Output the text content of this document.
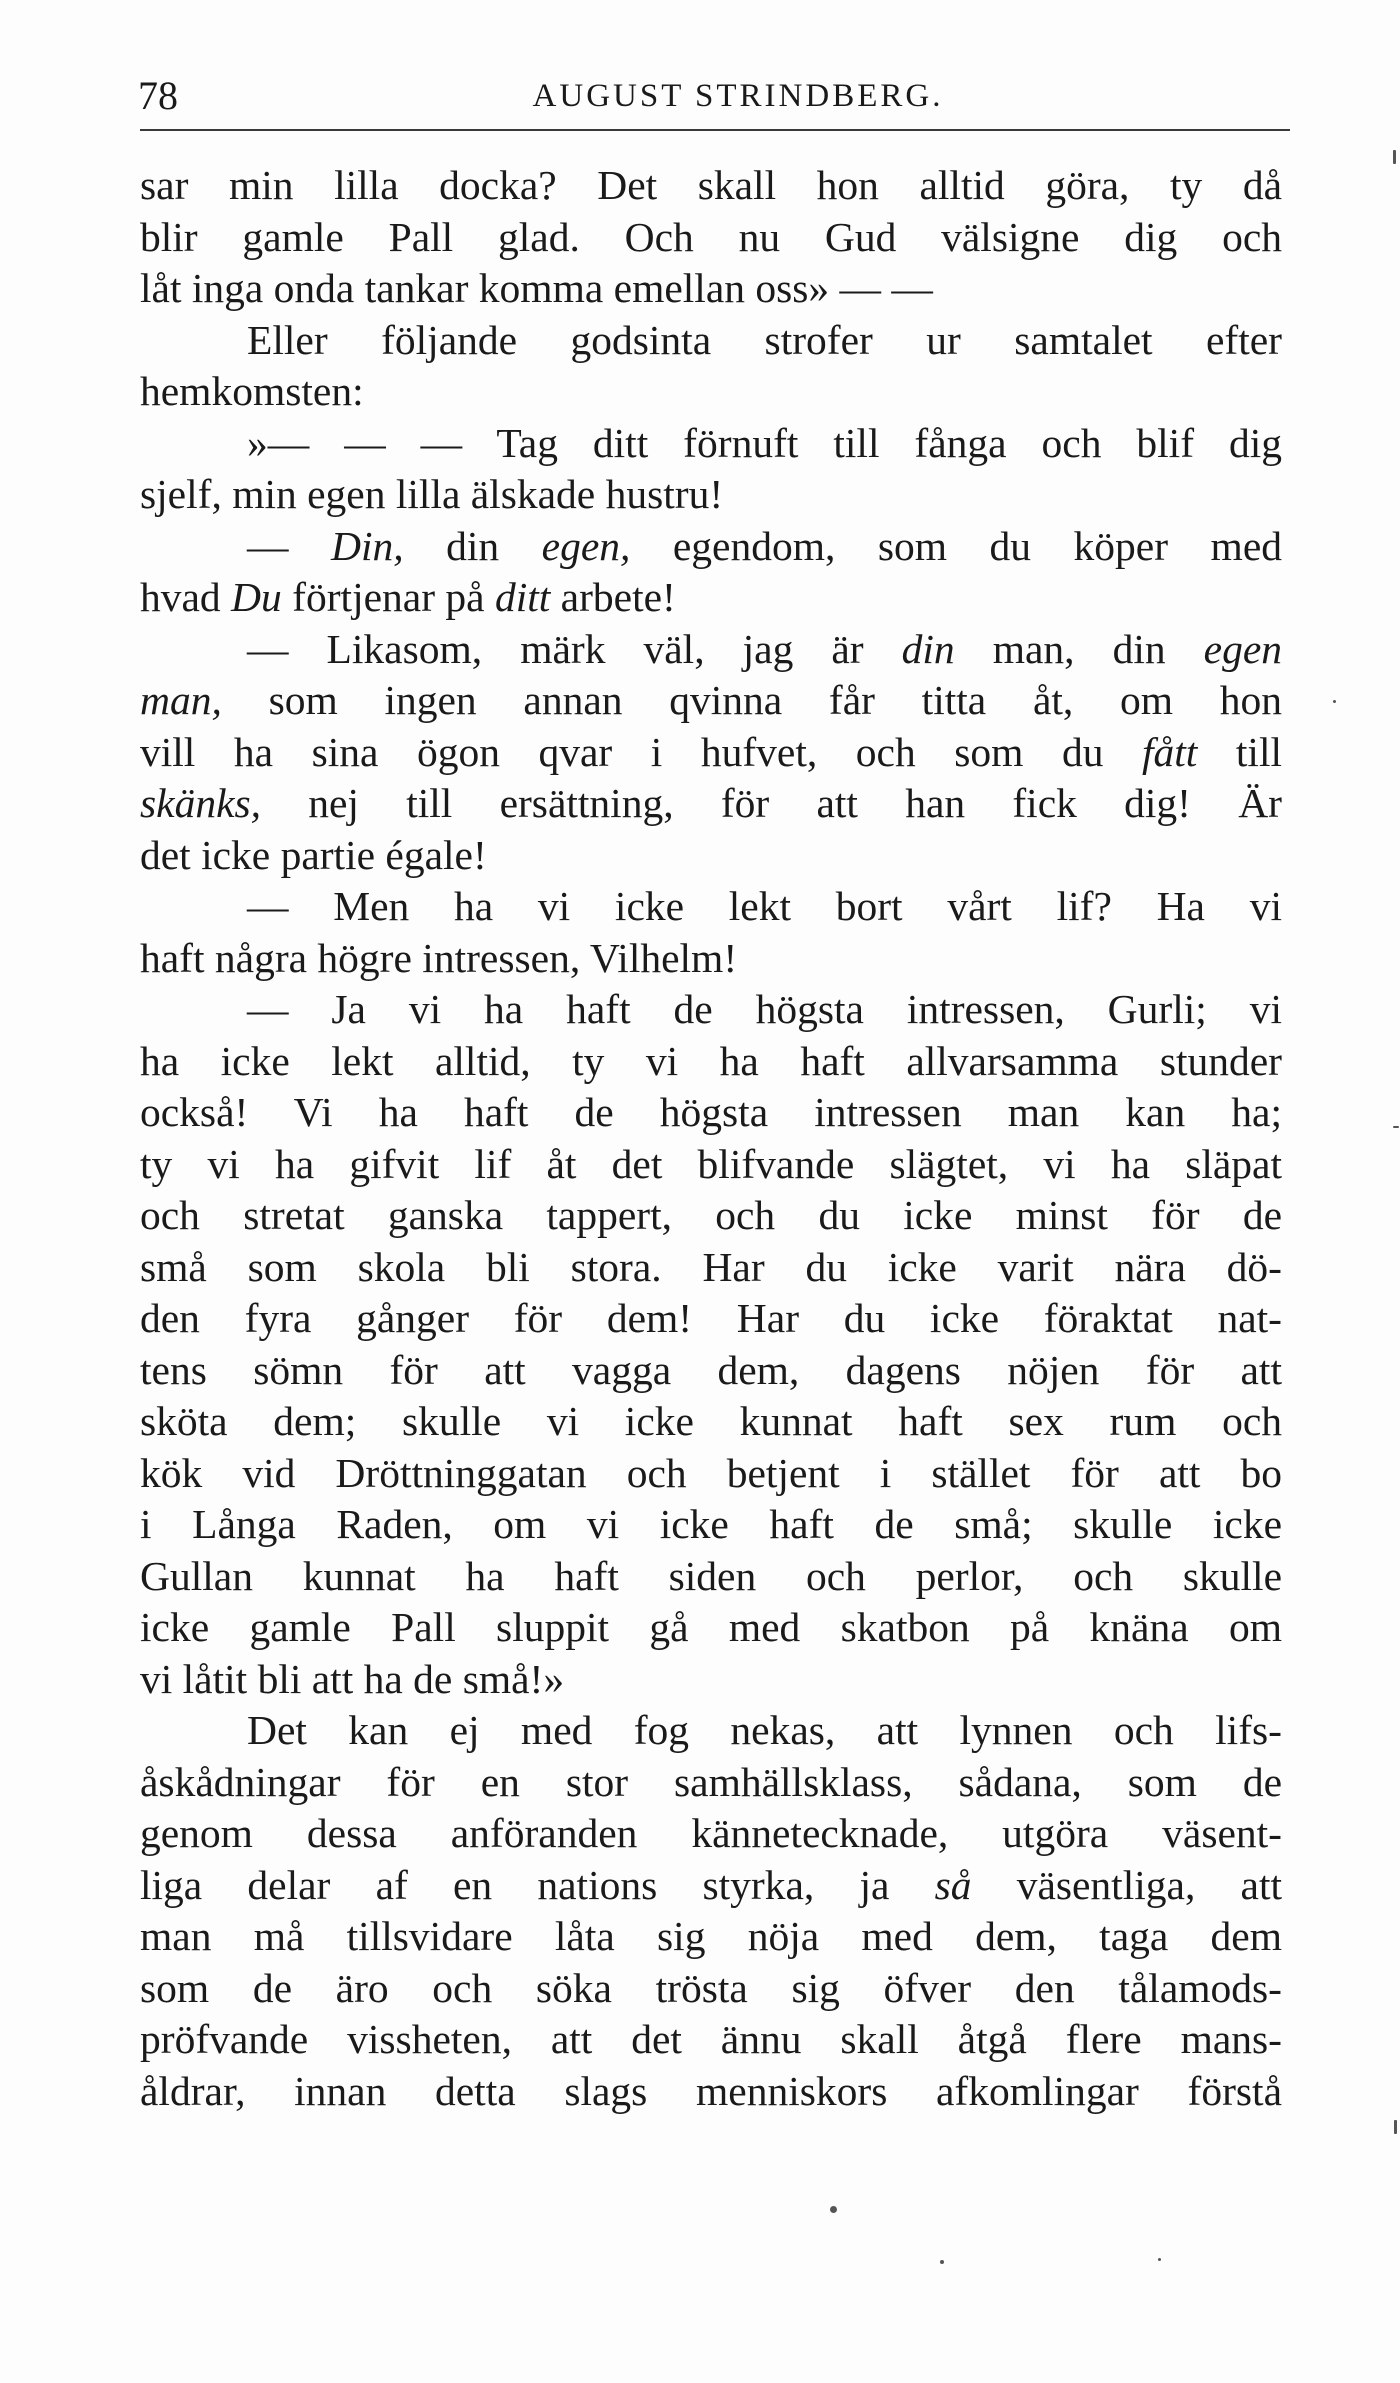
78	AUGUST STRINDBERG.
sar min lilla docka? Det skall hon alltid göra, ty då
blir gamle Pall glad. Och nu Gud välsigne dig och
låt inga onda tankar komma emellan oss» — —
Eller följande godsinta strofer ur samtalet efter
hemkomsten:
»— — — Tag ditt förnuft till fånga och blif dig
sjelf, min egen lilla älskade hustru!
— Din, din egen, egendom, som du köper med
hvad Du förtjenar på ditt arbete!
— Likasom, märk väl, jag är din man, din egen
man, som ingen annan qvinna får titta åt, om hon
vill ha sina ögon qvar i hufvet, och som du fått till
skänks, nej till ersättning, för att han fick dig! Är
det icke partie égale!
— Men ha vi icke lekt bort vårt lif? Ha vi
haft några högre intressen, Vilhelm!
— Ja vi ha haft de högsta intressen, Gurli; vi
ha icke lekt alltid, ty vi ha haft allvarsamma stunder
också! Vi ha haft de högsta intressen man kan ha;
ty vi ha gifvit lif åt det blifvande slägtet, vi ha släpat
och stretat ganska tappert, och du icke minst för de
små som skola bli stora. Har du icke varit nära dö-
den fyra gånger för dem! Har du icke föraktat nat-
tens sömn för att vagga dem, dagens nöjen för att
sköta dem; skulle vi icke kunnat haft sex rum och
kök vid Dröttninggatan och betjent i stället för att bo
i Långa Raden, om vi icke haft de små; skulle icke
Gullan kunnat ha haft siden och perlor, och skulle
icke gamle Pall sluppit gå med skatbon på knäna om
vi låtit bli att ha de små!»
Det kan ej med fog nekas, att lynnen och lifs-
åskådningar för en stor samhällsklass, sådana, som de
genom dessa anföranden kännetecknade, utgöra väsent-
liga delar af en nations styrka, ja så väsentliga, att
man må tillsvidare låta sig nöja med dem, taga dem
som de äro och söka trösta sig öfver den tålamods-
pröfvande vissheten, att det ännu skall åtgå flere mans-
åldrar, innan detta slags menniskors afkomlingar förstå
